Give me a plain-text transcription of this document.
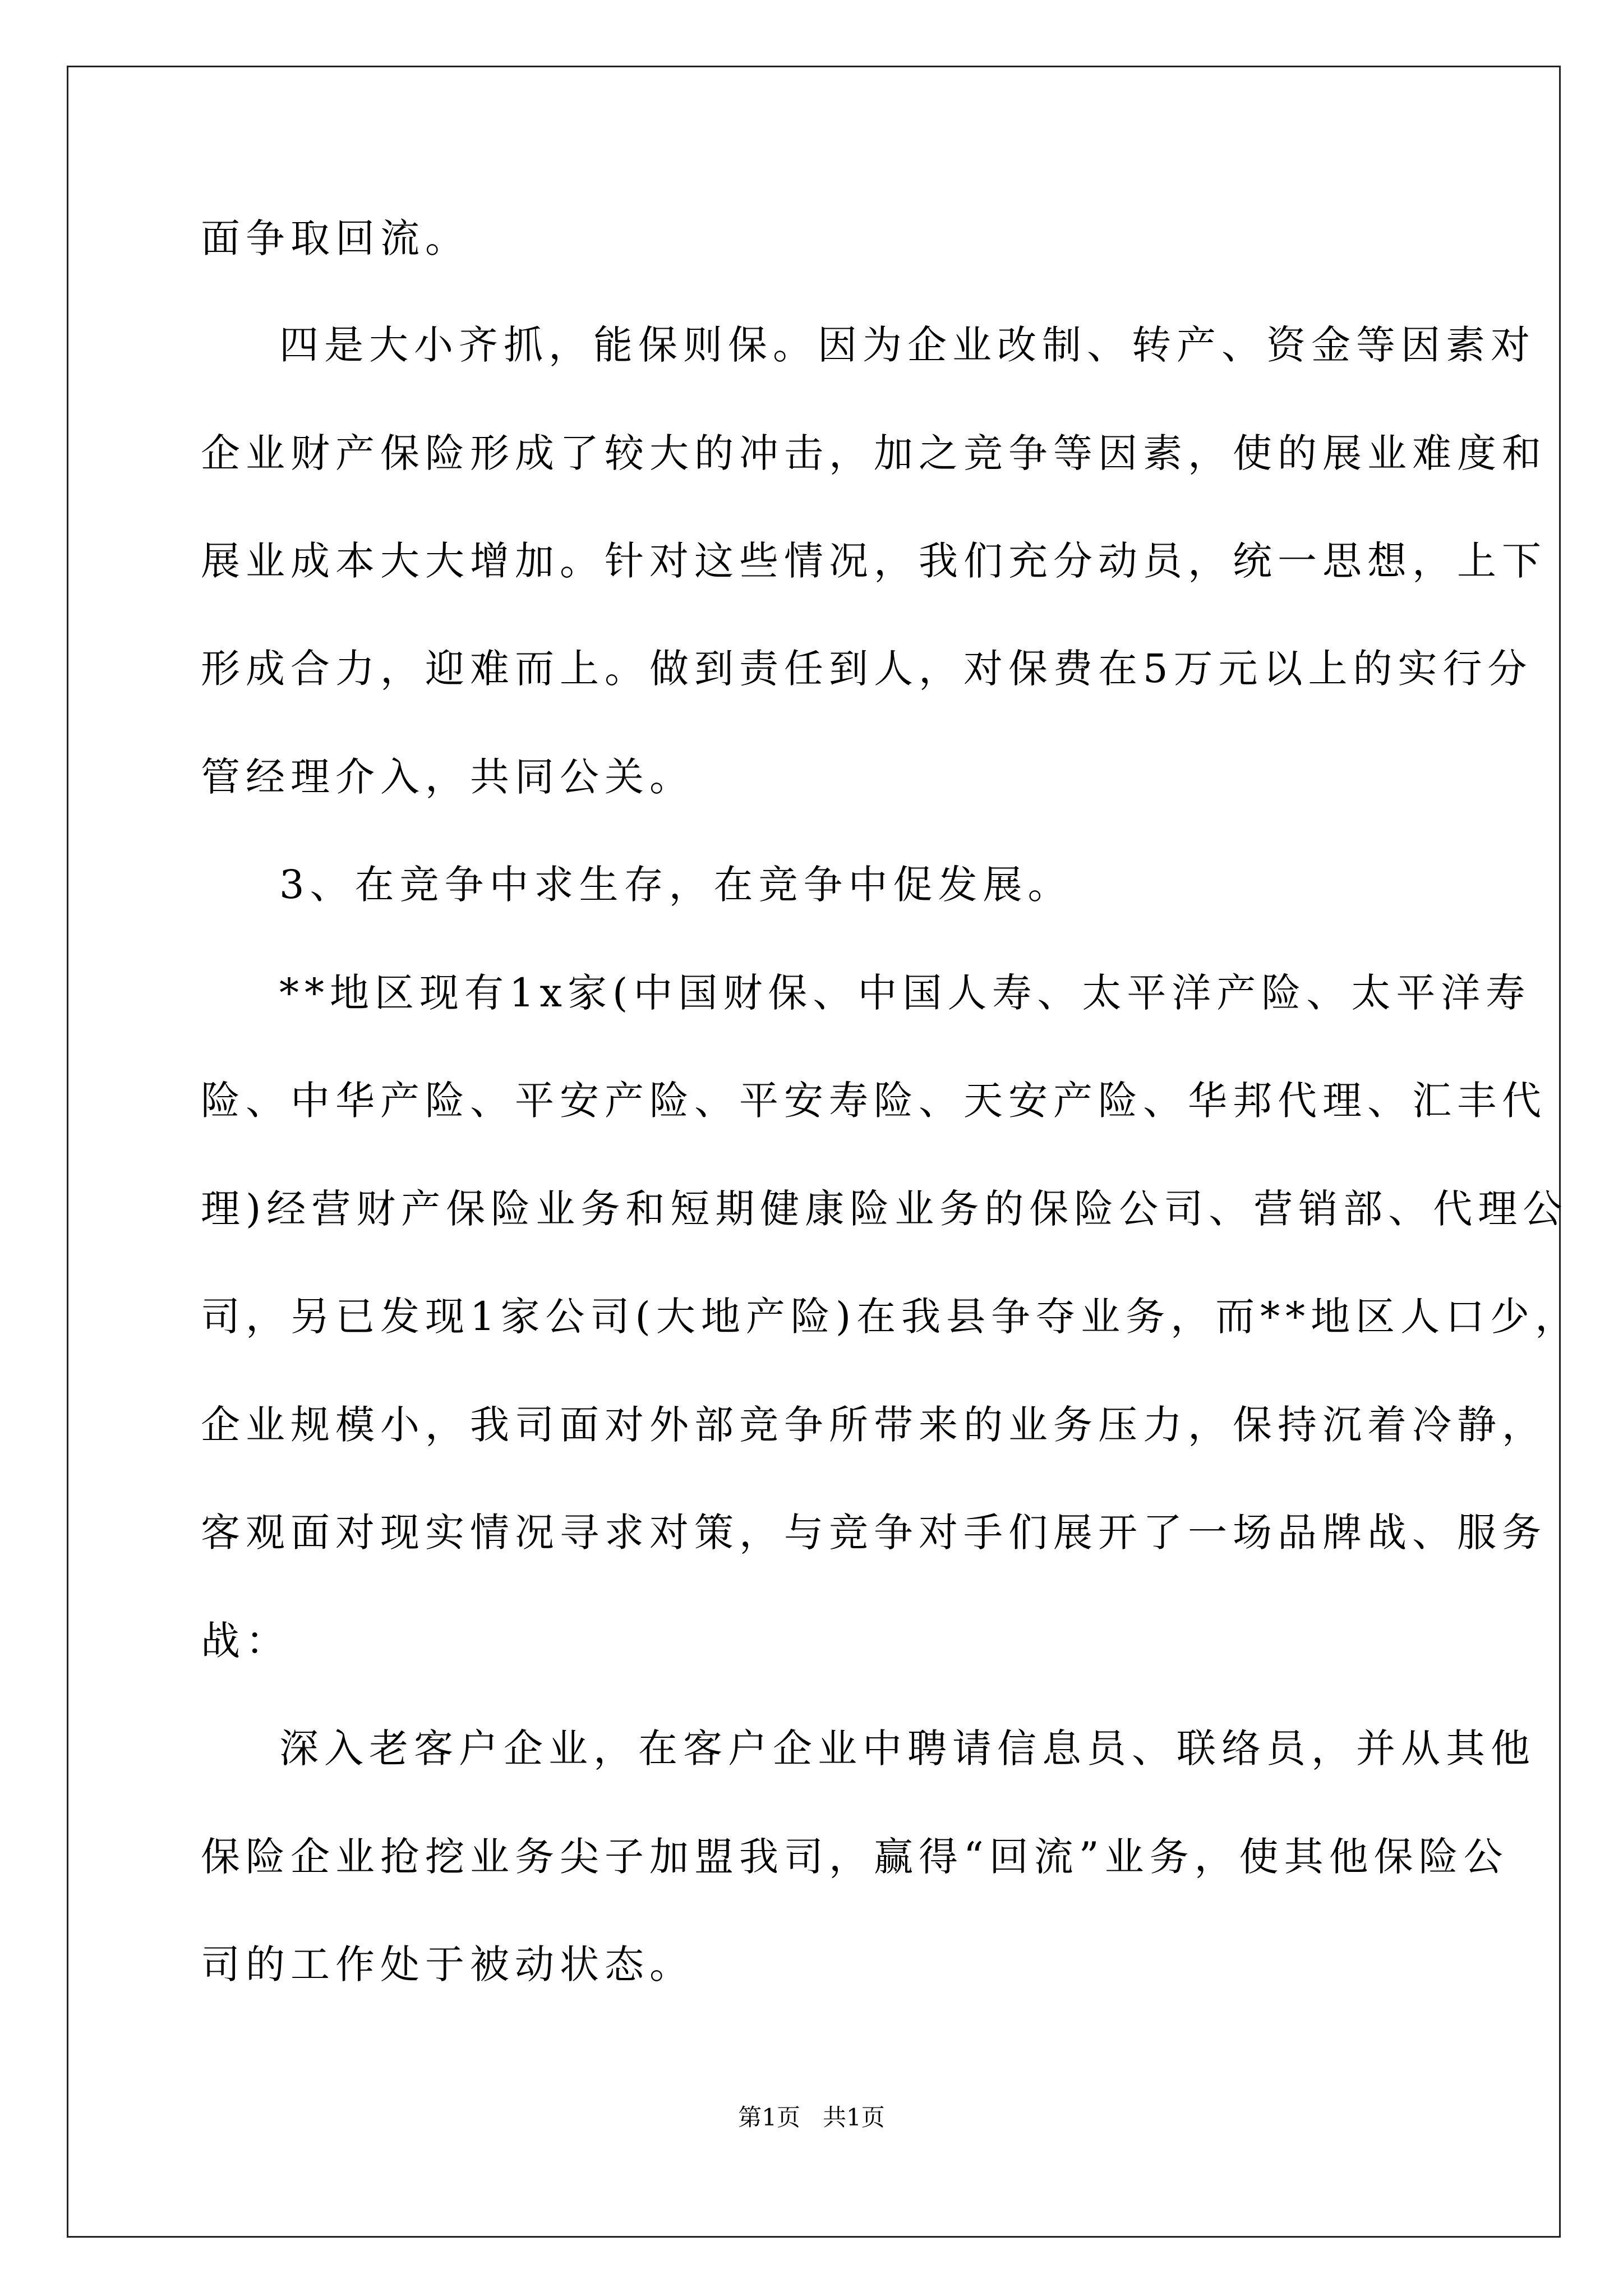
面争取回流。
四是大小齐抓，能保则保。因为企业改制、转产、资金等因素对
企业财产保险形成了较大的冲击，加之竞争等因素，使的展业难度和
展业成本大大增加。针对这些情况，我们充分动员，统一思想，上下
形成合力，迎难而上。做到责任到人，对保费在5万元以上的实行分
管经理介入，共同公关。
3、在竞争中求生存，在竞争中促发展。
**地区现有1x家(中国财保、中国人寿、太平洋产险、太平洋寿
险、中华产险、平安产险、平安寿险、天安产险、华邦代理、汇丰代
理)经营财产保险业务和短期健康险业务的保险公司、营销部、代理公
司，另已发现1家公司(大地产险)在我县争夺业务，而**地区人口少，
企业规模小，我司面对外部竞争所带来的业务压力，保持沉着冷静，
客观面对现实情况寻求对策，与竞争对手们展开了一场品牌战、服务
战：
深入老客户企业，在客户企业中聘请信息员、联络员，并从其他
保险企业抢挖业务尖子加盟我司，赢得“回流”业务，使其他保险公
司的工作处于被动状态。
第1页   共1页
